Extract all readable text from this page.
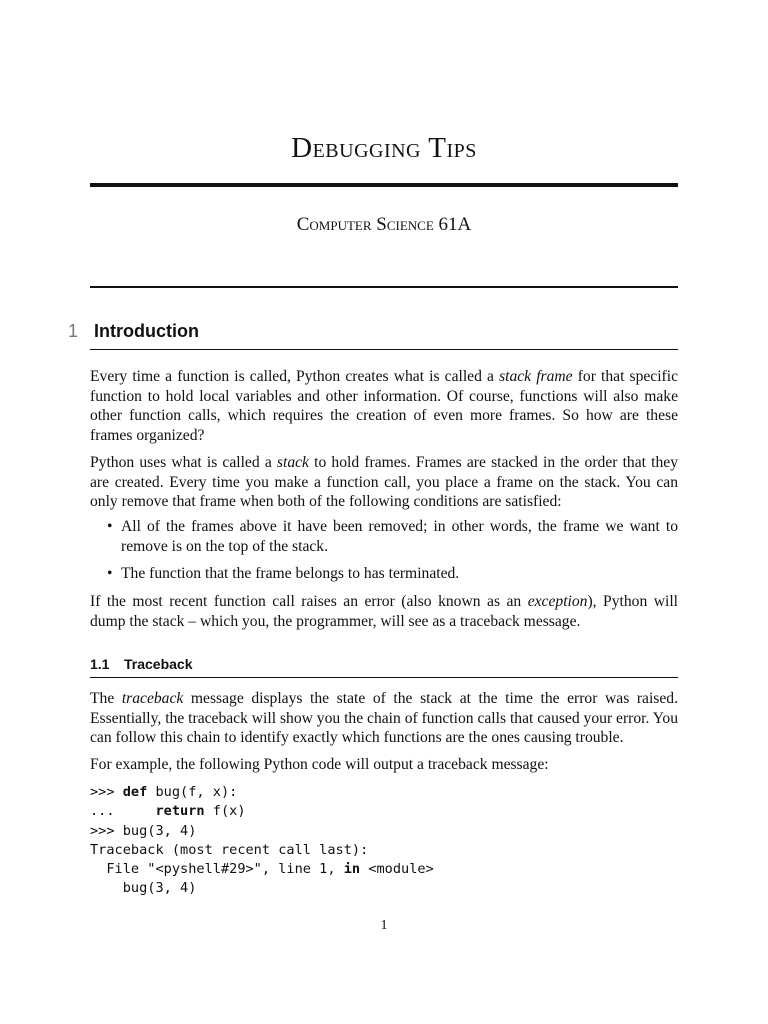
Debugging Tips
Computer Science 61A
1 Introduction

Every time a function is called, Python creates what is called a stack frame for that specific function to hold local variables and other information. Of course, functions will also make other function calls, which requires the creation of even more frames. So how are these frames organized?

Python uses what is called a stack to hold frames. Frames are stacked in the order that they are created. Every time you make a function call, you place a frame on the stack. You can only remove that frame when both of the following conditions are satisfied:

• All of the frames above it have been removed; in other words, the frame we want to remove is on the top of the stack.
• The function that the frame belongs to has terminated.

If the most recent function call raises an error (also known as an exception), Python will dump the stack – which you, the programmer, will see as a traceback message.

1.1 Traceback

The traceback message displays the state of the stack at the time the error was raised. Essentially, the traceback will show you the chain of function calls that caused your error. You can follow this chain to identify exactly which functions are the ones causing trouble.

For example, the following Python code will output a traceback message:

>>> def bug(f, x):
...     return f(x)
>>> bug(3, 4)
Traceback (most recent call last):
File "<pyshell#29>", line 1, in <module>
bug(3, 4)
1
